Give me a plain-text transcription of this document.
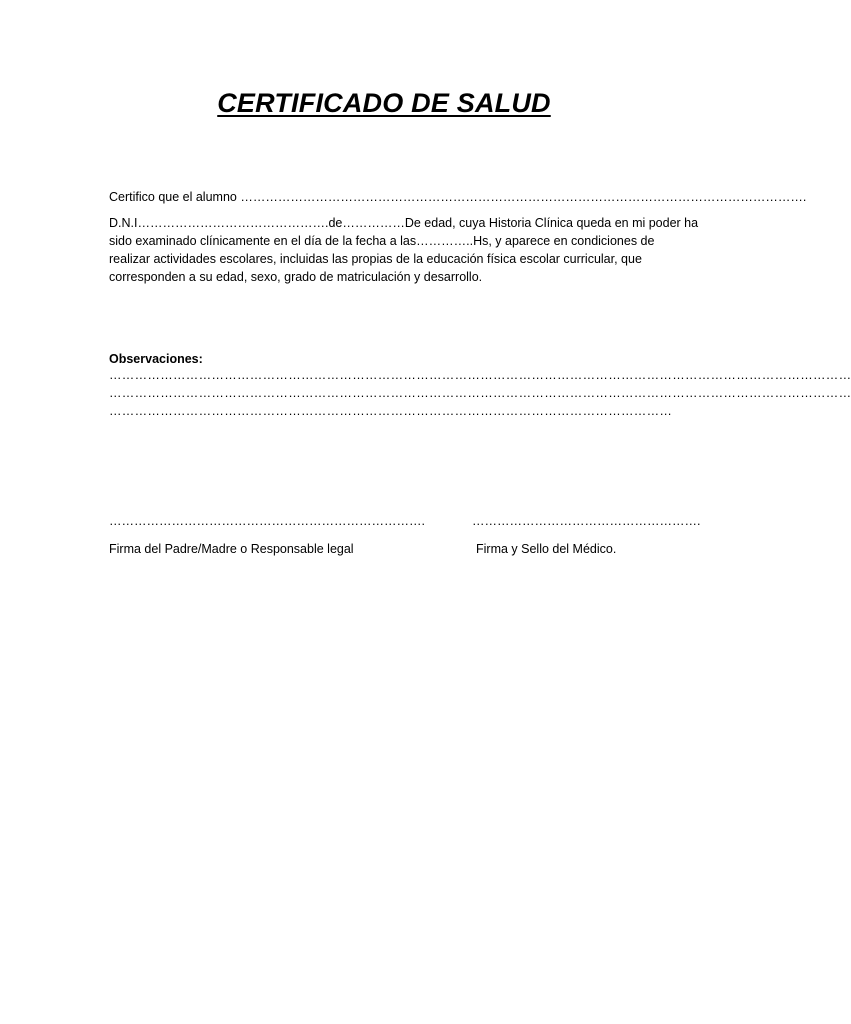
CERTIFICADO DE SALUD

Certifico que el alumno ……………………………………………………………………………………………………………………….

D.N.I……………………………………….de……………De edad, cuya Historia Clínica queda en mi poder ha
sido examinado clínicamente en el día de la fecha a las…………..Hs, y aparece en condiciones de
realizar actividades escolares, incluidas las propias de la educación física escolar curricular, que
corresponden a su edad, sexo, grado de matriculación y desarrollo.

Observaciones:

…………………………………………………………………………………………………………………………………………………………
…………………………………………………………………………………………………………………………………………………………
……………………………………………………………………………………………………………………
………………………………………………………………….	……………………………………………….
Firma del Padre/Madre o Responsable legal	Firma y Sello del Médico.
